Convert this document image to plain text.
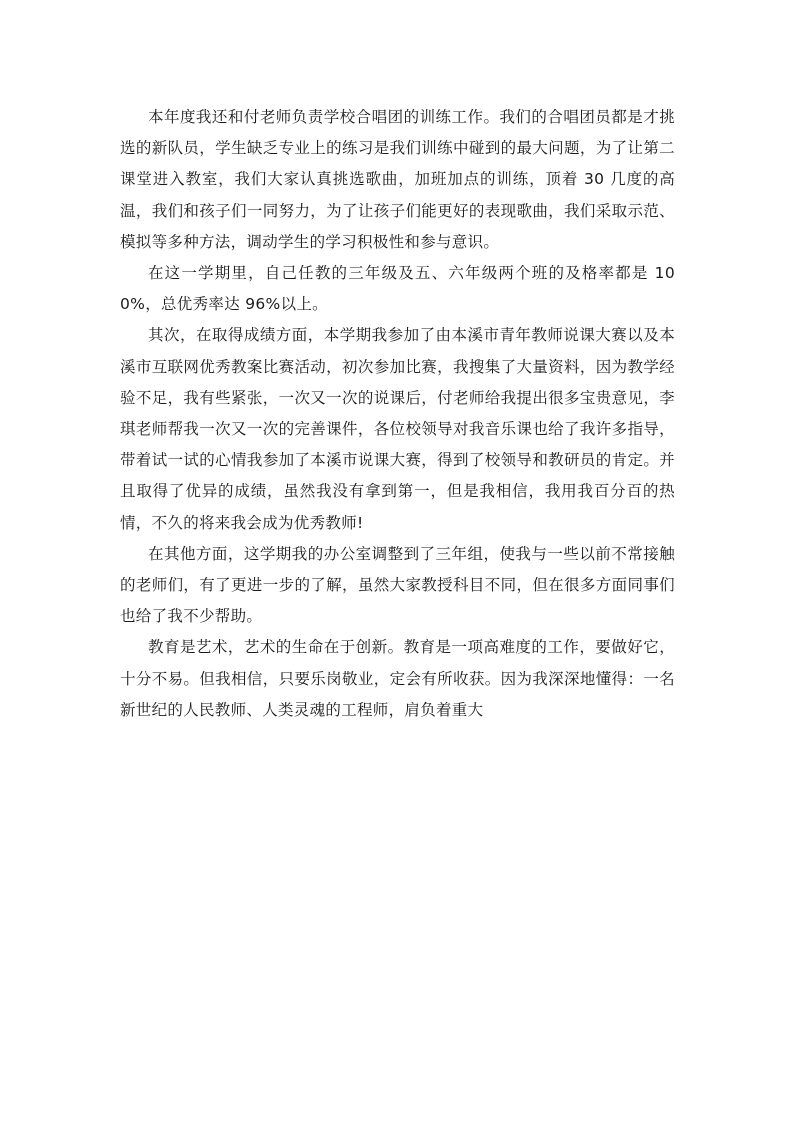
本年度我还和付老师负责学校合唱团的训练工作。我们的合唱团员都是才挑选的新队员，学生缺乏专业上的练习是我们训练中碰到的最大问题，为了让第二课堂进入教室，我们大家认真挑选歌曲，加班加点的训练，顶着 30 几度的高温，我们和孩子们一同努力，为了让孩子们能更好的表现歌曲，我们采取示范、模拟等多种方法，调动学生的学习积极性和参与意识。

在这一学期里，自己任教的三年级及五、六年级两个班的及格率都是 100%，总优秀率达 96%以上。

其次，在取得成绩方面，本学期我参加了由本溪市青年教师说课大赛以及本溪市互联网优秀教案比赛活动，初次参加比赛，我搜集了大量资料，因为教学经验不足，我有些紧张，一次又一次的说课后，付老师给我提出很多宝贵意见，李琪老师帮我一次又一次的完善课件，各位校领导对我音乐课也给了我许多指导，带着试一试的心情我参加了本溪市说课大赛，得到了校领导和教研员的肯定。并且取得了优异的成绩，虽然我没有拿到第一，但是我相信，我用我百分百的热情，不久的将来我会成为优秀教师!

在其他方面，这学期我的办公室调整到了三年组，使我与一些以前不常接触的老师们，有了更进一步的了解，虽然大家教授科目不同，但在很多方面同事们也给了我不少帮助。

教育是艺术，艺术的生命在于创新。教育是一项高难度的工作，要做好它，十分不易。但我相信，只要乐岗敬业，定会有所收获。因为我深深地懂得：一名新世纪的人民教师、人类灵魂的工程师，肩负着重大
